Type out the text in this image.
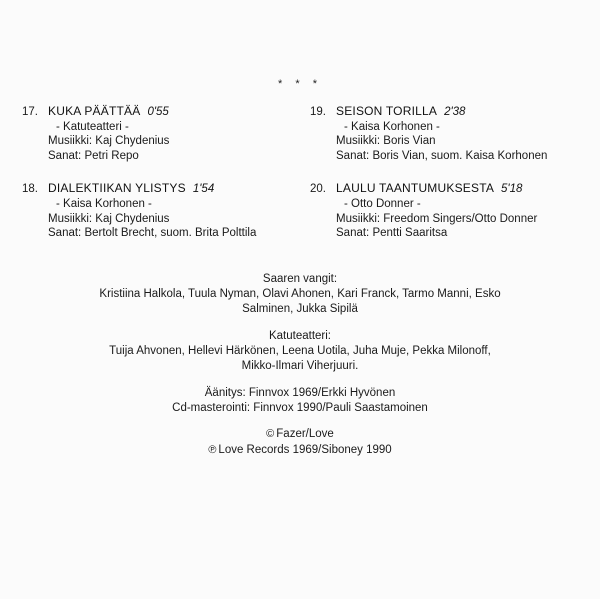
* * *
17. KUKA PÄÄTTÄÄ 0'55
- Katuteatteri -
Musiikki: Kaj Chydenius
Sanat: Petri Repo
18. DIALEKTIIKAN YLISTYS 1'54
- Kaisa Korhonen -
Musiikki: Kaj Chydenius
Sanat: Bertolt Brecht, suom. Brita Polttila
19. SEISON TORILLA 2'38
- Kaisa Korhonen -
Musiikki: Boris Vian
Sanat: Boris Vian, suom. Kaisa Korhonen
20. LAULU TAANTUMUKSESTA 5'18
- Otto Donner -
Musiikki: Freedom Singers/Otto Donner
Sanat: Pentti Saaritsa
Saaren vangit:
Kristiina Halkola, Tuula Nyman, Olavi Ahonen, Kari Franck, Tarmo Manni, Esko
Salminen, Jukka Sipilä
Katuteatteri:
Tuija Ahvonen, Hellevi Härkönen, Leena Uotila, Juha Muje, Pekka Milonoff,
Mikko-Ilmari Viherjuuri.
Äänitys: Finnvox 1969/Erkki Hyvönen
Cd-masterointi: Finnvox 1990/Pauli Saastamoinen
© Fazer/Love
℗ Love Records 1969/Siboney 1990
